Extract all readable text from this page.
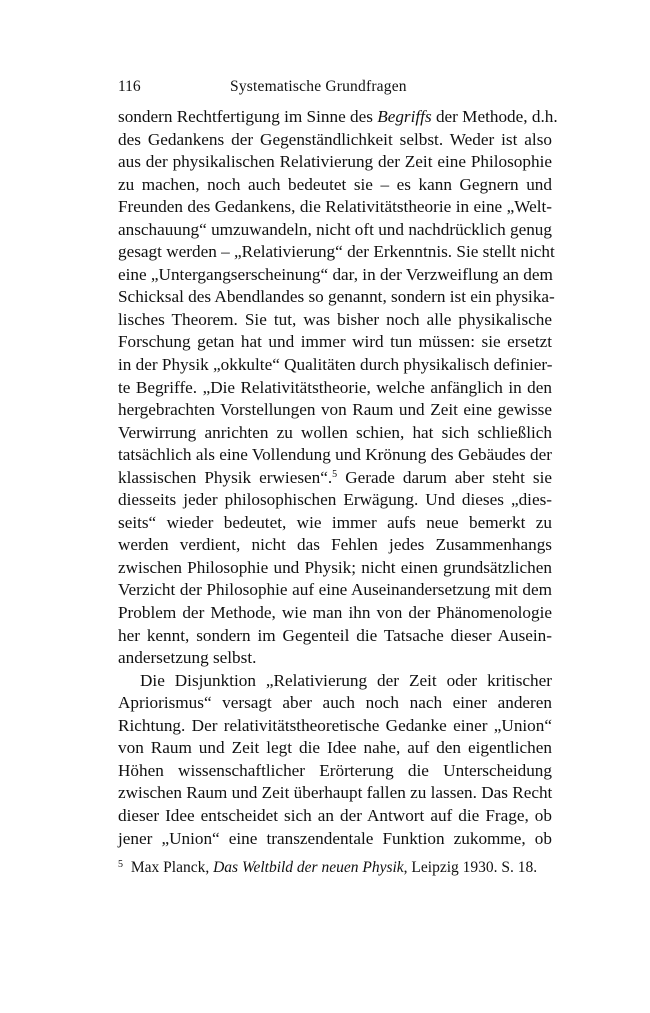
116	Systematische Grundfragen
sondern Rechtfertigung im Sinne des Begriffs der Methode, d.h.
des Gedankens der Gegenständlichkeit selbst. Weder ist also
aus der physikalischen Relativierung der Zeit eine Philosophie
zu machen, noch auch bedeutet sie – es kann Gegnern und
Freunden des Gedankens, die Relativitätstheorie in eine „Welt-
anschauung“ umzuwandeln, nicht oft und nachdrücklich genug
gesagt werden – „Relativierung“ der Erkenntnis. Sie stellt nicht
eine „Untergangserscheinung“ dar, in der Verzweiflung an dem
Schicksal des Abendlandes so genannt, sondern ist ein physika-
lisches Theorem. Sie tut, was bisher noch alle physikalische
Forschung getan hat und immer wird tun müssen: sie ersetzt
in der Physik „okkulte“ Qualitäten durch physikalisch definier-
te Begriffe. „Die Relativitätstheorie, welche anfänglich in den
hergebrachten Vorstellungen von Raum und Zeit eine gewisse
Verwirrung anrichten zu wollen schien, hat sich schließlich
tatsächlich als eine Vollendung und Krönung des Gebäudes der
klassischen Physik erwiesen“.$^5$ Gerade darum aber steht sie
diesseits jeder philosophischen Erwägung. Und dieses „dies-
seits“ wieder bedeutet, wie immer aufs neue bemerkt zu
werden verdient, nicht das Fehlen jedes Zusammenhangs
zwischen Philosophie und Physik; nicht einen grundsätzlichen
Verzicht der Philosophie auf eine Auseinandersetzung mit dem
Problem der Methode, wie man ihn von der Phänomenologie
her kennt, sondern im Gegenteil die Tatsache dieser Ausein-
andersetzung selbst.
Die Disjunktion „Relativierung der Zeit oder kritischer
Apriorismus“ versagt aber auch noch nach einer anderen
Richtung. Der relativitätstheoretische Gedanke einer „Union“
von Raum und Zeit legt die Idee nahe, auf den eigentlichen
Höhen wissenschaftlicher Erörterung die Unterscheidung
zwischen Raum und Zeit überhaupt fallen zu lassen. Das Recht
dieser Idee entscheidet sich an der Antwort auf die Frage, ob
jener „Union“ eine transzendentale Funktion zukomme, ob
$^5$ Max Planck, Das Weltbild der neuen Physik, Leipzig 1930. S. 18.
